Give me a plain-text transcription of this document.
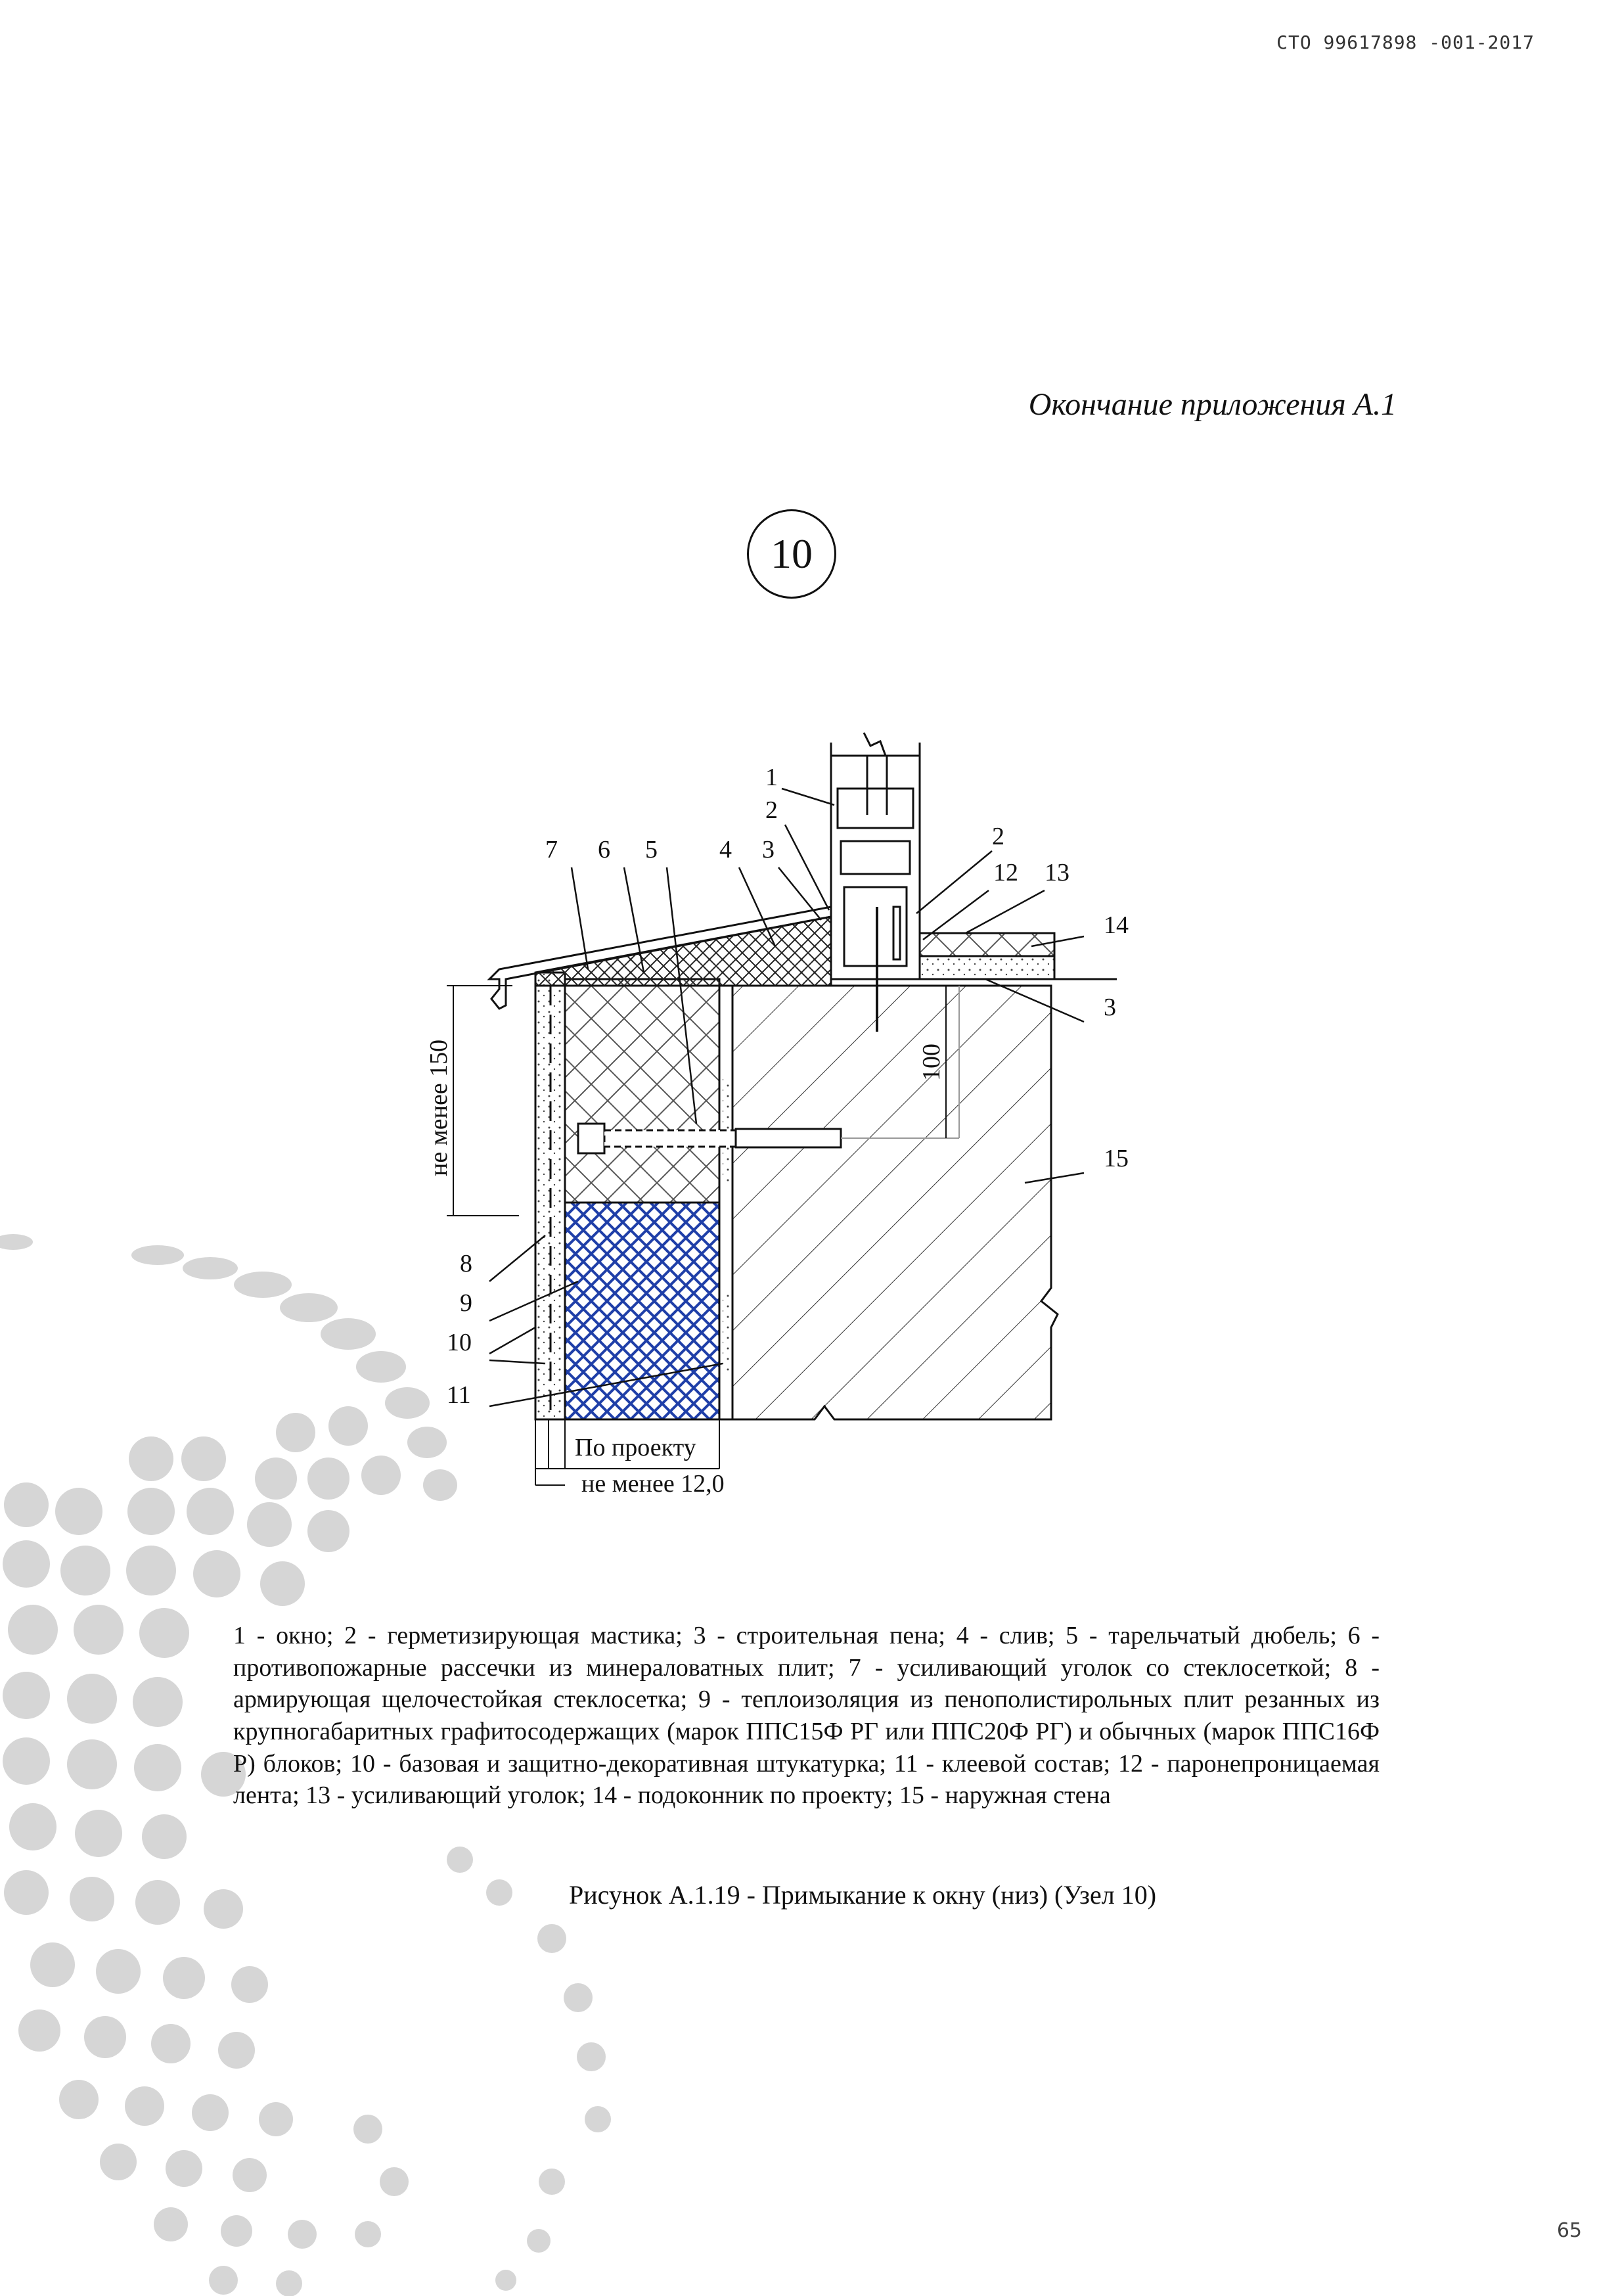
СТО 99617898 -001-2017
Окончание приложения А.1
10
1
2
3
4
5
6
7	2
12 13
14
3
15
8
9
10
11
не менее 150	100
По проекту
не менее 12,0
1 - окно; 2 - герметизирующая мастика; 3 - строительная пена; 4 - слив; 5 - тарельчатый дюбель; 6 - противопожарные рассечки из минераловатных плит; 7 - усиливающий уголок со стеклосеткой; 8 - армирующая щелочестойкая стеклосетка; 9 - теплоизоляция из пенополистирольных плит резанных из крупногабаритных графитосодержащих (марок ППС15Ф РГ или ППС20Ф РГ) и обычных (марок ППС16Ф Р) блоков; 10 - базовая и защитно-декоративная штукатурка; 11 - клеевой состав; 12 - паронепроницаемая лента; 13 - усиливающий уголок; 14 - подоконник по проекту; 15 - наружная стена
Рисунок А.1.19 - Примыкание к окну (низ) (Узел 10)
65
